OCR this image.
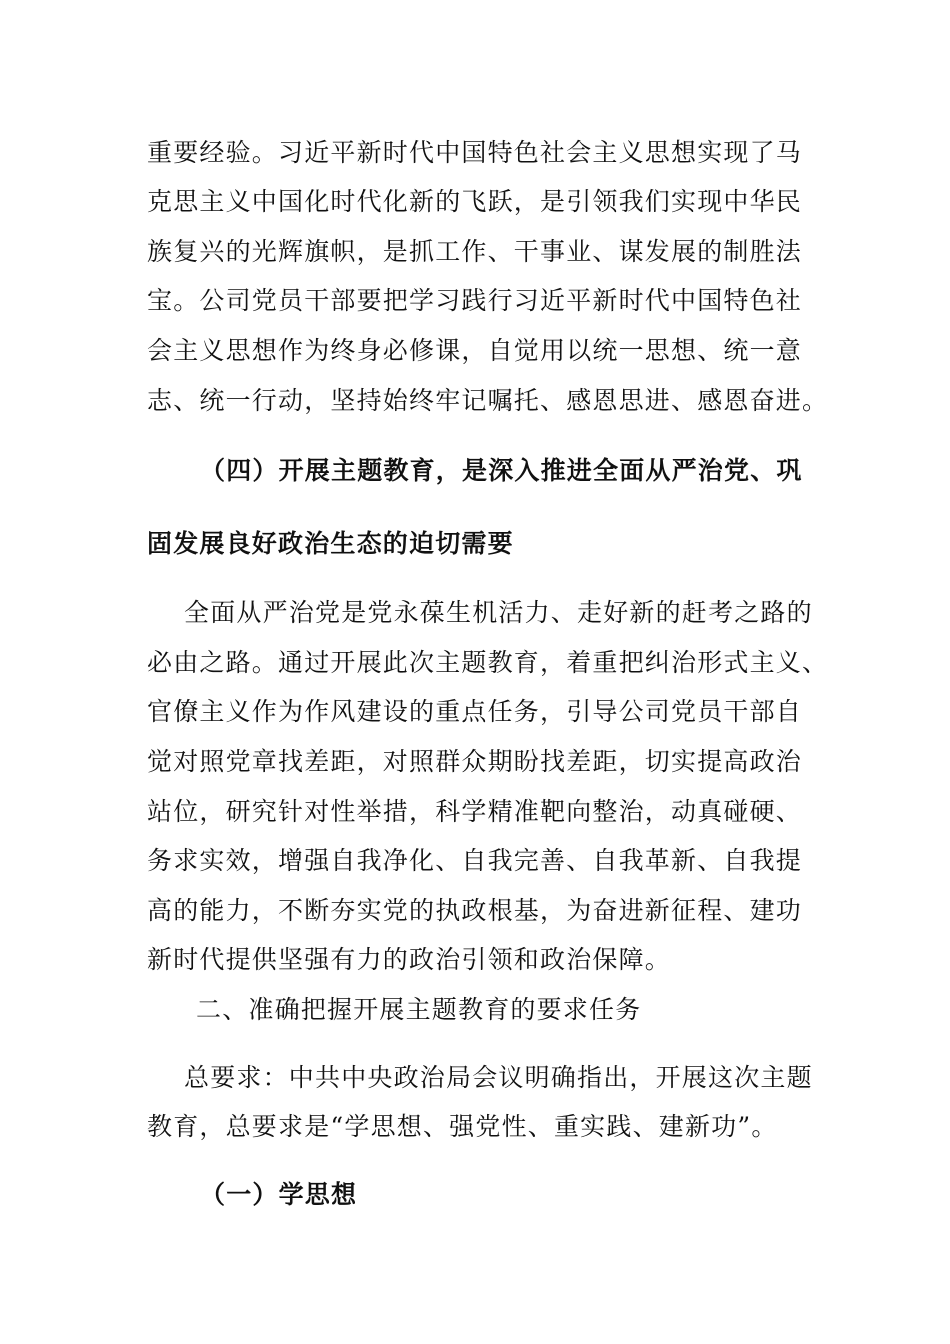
重要经验。习近平新时代中国特色社会主义思想实现了马
克思主义中国化时代化新的飞跃，是引领我们实现中华民
族复兴的光辉旗帜，是抓工作、干事业、谋发展的制胜法
宝。公司党员干部要把学习践行习近平新时代中国特色社
会主义思想作为终身必修课，自觉用以统一思想、统一意
志、统一行动，坚持始终牢记嘱托、感恩思进、感恩奋进。
（四）开展主题教育，是深入推进全面从严治党、巩
固发展良好政治生态的迫切需要
全面从严治党是党永葆生机活力、走好新的赶考之路的
必由之路。通过开展此次主题教育，着重把纠治形式主义、
官僚主义作为作风建设的重点任务，引导公司党员干部自
觉对照党章找差距，对照群众期盼找差距，切实提高政治
站位，研究针对性举措，科学精准靶向整治，动真碰硬、
务求实效，增强自我净化、自我完善、自我革新、自我提
高的能力，不断夯实党的执政根基，为奋进新征程、建功
新时代提供坚强有力的政治引领和政治保障。
二、准确把握开展主题教育的要求任务
总要求：中共中央政治局会议明确指出，开展这次主题
教育，总要求是“学思想、强党性、重实践、建新功”。
（一）学思想
